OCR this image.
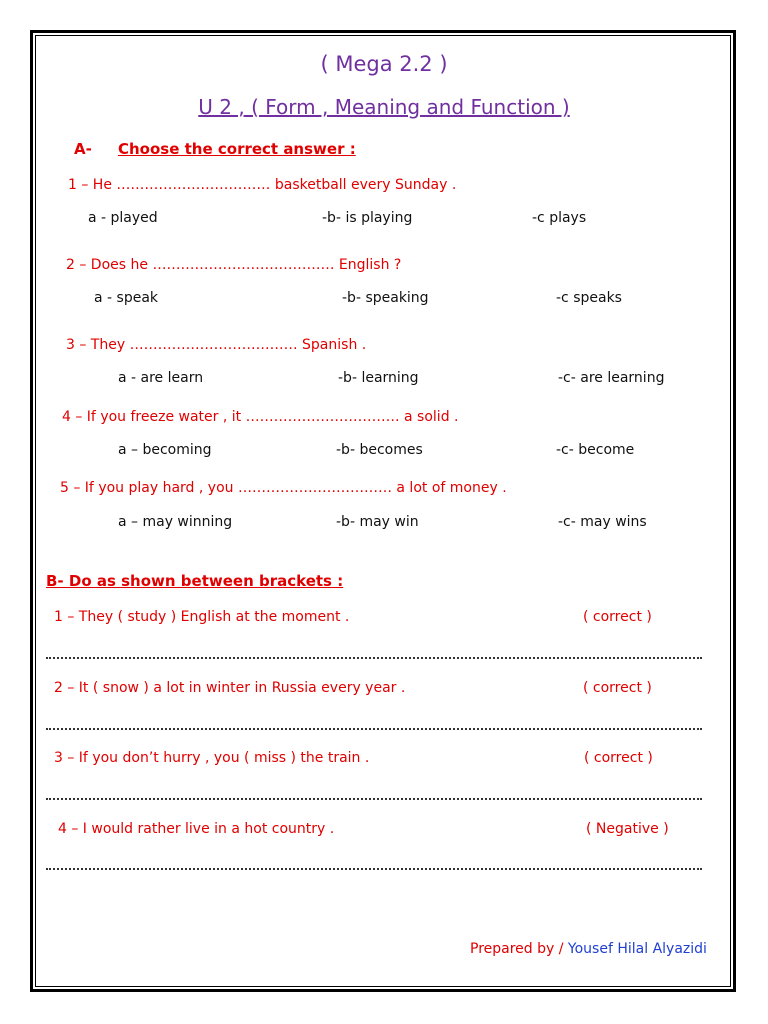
( Mega 2.2 )
U 2 , ( Form , Meaning and Function )
A- Choose the correct answer :
1 – He …………………………… basketball every Sunday .
a - played	-b- is playing	-c plays
2 – Does he ………………………………… English ?
a - speak	-b- speaking	-c speaks
3 – They ……………………………… Spanish .
a - are learn	-b- learning	-c- are learning
4 – If you freeze water , it …………………………… a solid .
a – becoming	-b- becomes	-c- become
5 – If you play hard , you …………………………… a lot of money .
a – may winning	-b- may win	-c- may wins
B- Do as shown between brackets :
1 – They ( study ) English at the moment .	( correct )
2 – It ( snow ) a lot in winter in Russia every year .	( correct )
3 – If you don’t hurry , you ( miss ) the train .	( correct )
4 – I would rather live in a hot country .	( Negative )
Prepared by / Yousef Hilal Alyazidi
